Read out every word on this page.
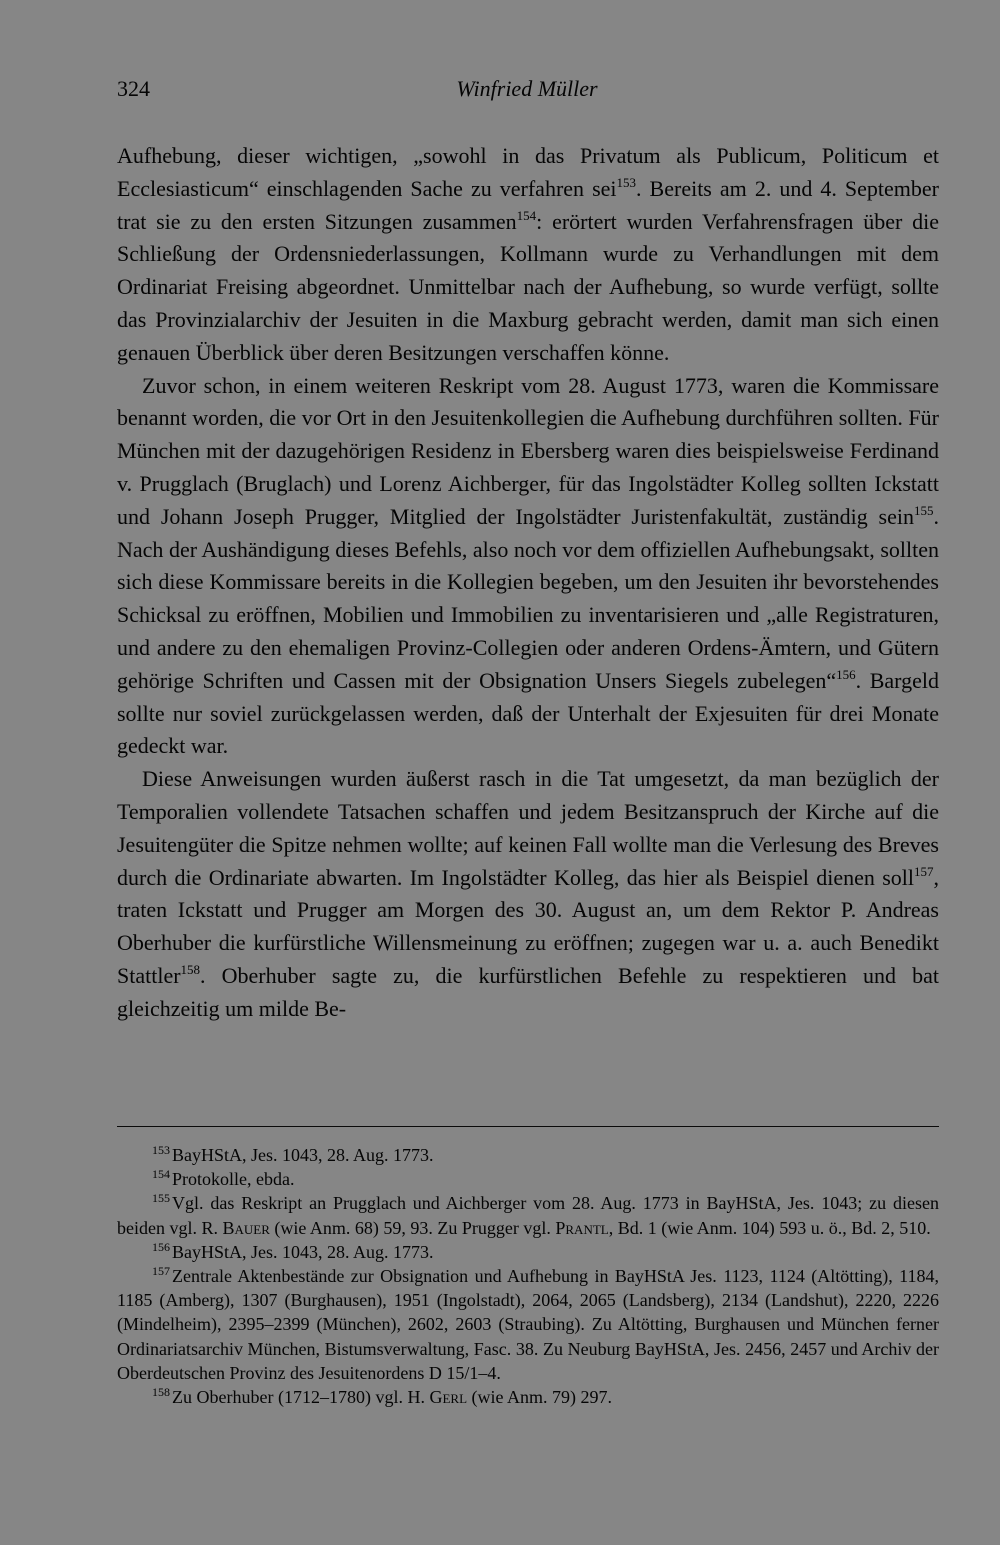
324	Winfried Müller

Aufhebung, dieser wichtigen, „sowohl in das Privatum als Publicum, Politicum et Ecclesiasticum“ einschlagenden Sache zu verfahren sei$^{153}$. Bereits am 2. und 4. September trat sie zu den ersten Sitzungen zusammen$^{154}$: erörtert wurden Verfahrensfragen über die Schließung der Ordensniederlassungen, Kollmann wurde zu Verhandlungen mit dem Ordinariat Freising abgeordnet. Unmittelbar nach der Aufhebung, so wurde verfügt, sollte das Provinzialarchiv der Jesuiten in die Maxburg gebracht werden, damit man sich einen genauen Überblick über deren Besitzungen verschaffen könne.

Zuvor schon, in einem weiteren Reskript vom 28. August 1773, waren die Kommissare benannt worden, die vor Ort in den Jesuitenkollegien die Aufhebung durchführen sollten. Für München mit der dazugehörigen Residenz in Ebersberg waren dies beispielsweise Ferdinand v. Prugglach (Bruglach) und Lorenz Aichberger, für das Ingolstädter Kolleg sollten Ickstatt und Johann Joseph Prugger, Mitglied der Ingolstädter Juristenfakultät, zuständig sein$^{155}$. Nach der Aushändigung dieses Befehls, also noch vor dem offiziellen Aufhebungsakt, sollten sich diese Kommissare bereits in die Kollegien begeben, um den Jesuiten ihr bevorstehendes Schicksal zu eröffnen, Mobilien und Immobilien zu inventarisieren und „alle Registraturen, und andere zu den ehemaligen Provinz-Collegien oder anderen Ordens-Ämtern, und Gütern gehörige Schriften und Cassen mit der Obsignation Unsers Siegels zubelegen“$^{156}$. Bargeld sollte nur soviel zurückgelassen werden, daß der Unterhalt der Exjesuiten für drei Monate gedeckt war.

Diese Anweisungen wurden äußerst rasch in die Tat umgesetzt, da man bezüglich der Temporalien vollendete Tatsachen schaffen und jedem Besitzanspruch der Kirche auf die Jesuitengüter die Spitze nehmen wollte; auf keinen Fall wollte man die Verlesung des Breves durch die Ordinariate abwarten. Im Ingolstädter Kolleg, das hier als Beispiel dienen soll$^{157}$, traten Ickstatt und Prugger am Morgen des 30. August an, um dem Rektor P. Andreas Oberhuber die kurfürstliche Willensmeinung zu eröffnen; zugegen war u. a. auch Benedikt Stattler$^{158}$. Oberhuber sagte zu, die kurfürstlichen Befehle zu respektieren und bat gleichzeitig um milde Be-

$^{153}$ BayHStA, Jes. 1043, 28. Aug. 1773.
$^{154}$ Protokolle, ebda.
$^{155}$ Vgl. das Reskript an Prugglach und Aichberger vom 28. Aug. 1773 in BayHStA, Jes. 1043; zu diesen beiden vgl. R. Bauer (wie Anm. 68) 59, 93. Zu Prugger vgl. Prantl, Bd. 1 (wie Anm. 104) 593 u. ö., Bd. 2, 510.
$^{156}$ BayHStA, Jes. 1043, 28. Aug. 1773.
$^{157}$ Zentrale Aktenbestände zur Obsignation und Aufhebung in BayHStA Jes. 1123, 1124 (Altötting), 1184, 1185 (Amberg), 1307 (Burghausen), 1951 (Ingolstadt), 2064, 2065 (Landsberg), 2134 (Landshut), 2220, 2226 (Mindelheim), 2395–2399 (München), 2602, 2603 (Straubing). Zu Altötting, Burghausen und München ferner Ordinariatsarchiv München, Bistumsverwaltung, Fasc. 38. Zu Neuburg BayHStA, Jes. 2456, 2457 und Archiv der Oberdeutschen Provinz des Jesuitenordens D 15/1–4.
$^{158}$ Zu Oberhuber (1712–1780) vgl. H. Gerl (wie Anm. 79) 297.
